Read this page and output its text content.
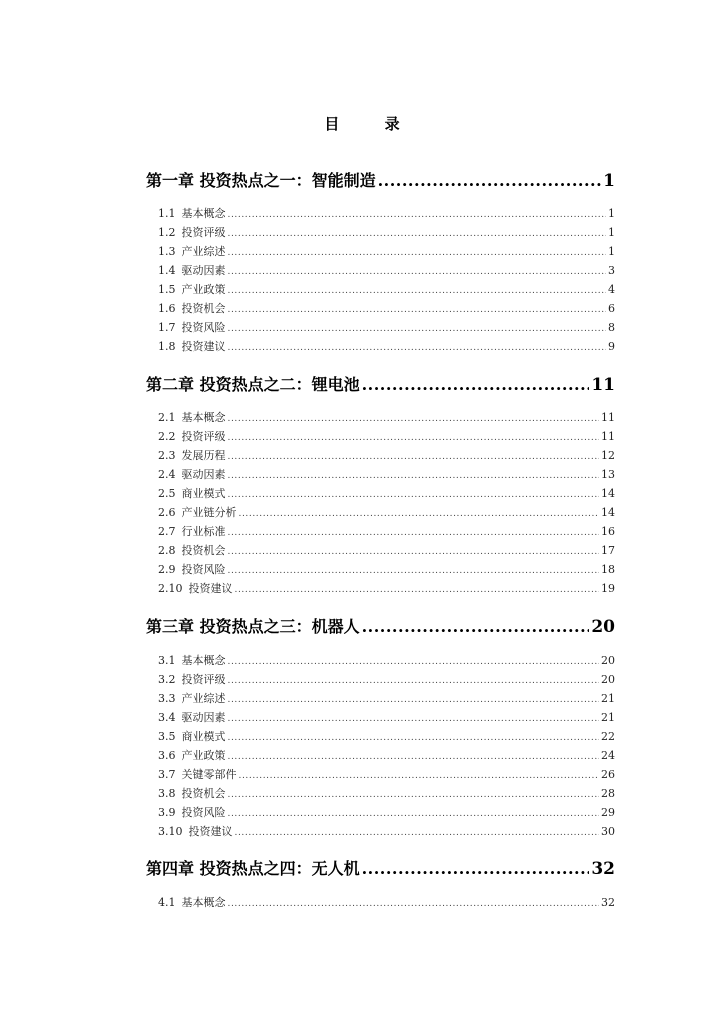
目 录
第一章 投资热点之一：智能制造 .....	1
1.1 基本概念 .....	1
1.2 投资评级 .....	1
1.3 产业综述 .....	1
1.4 驱动因素 .....	3
1.5 产业政策 .....	4
1.6 投资机会 .....	6
1.7 投资风险 .....	8
1.8 投资建议 .....	9
第二章 投资热点之二：锂电池 .....	11
2.1 基本概念 .....	11
2.2 投资评级 .....	11
2.3 发展历程 .....	12
2.4 驱动因素 .....	13
2.5 商业模式 .....	14
2.6 产业链分析 .....	14
2.7 行业标准 .....	16
2.8 投资机会 .....	17
2.9 投资风险 .....	18
2.10 投资建议 .....	19
第三章 投资热点之三：机器人 .....	20
3.1 基本概念 .....	20
3.2 投资评级 .....	20
3.3 产业综述 .....	21
3.4 驱动因素 .....	21
3.5 商业模式 .....	22
3.6 产业政策 .....	24
3.7 关键零部件 .....	26
3.8 投资机会 .....	28
3.9 投资风险 .....	29
3.10 投资建议 .....	30
第四章 投资热点之四：无人机 .....	32
4.1 基本概念 .....	32
